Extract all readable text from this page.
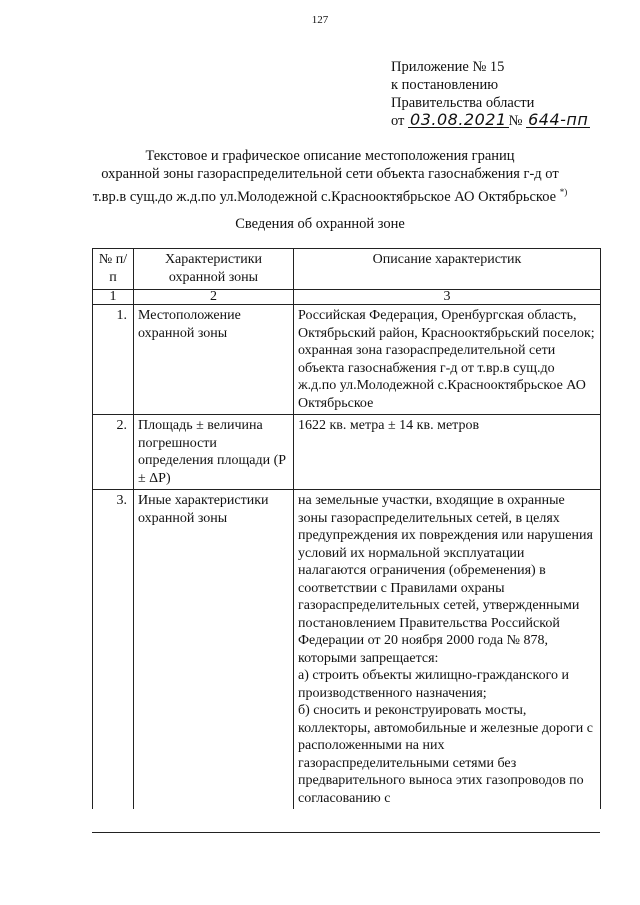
127
Приложение № 15
к постановлению
Правительства области
от 03.08.2021 № 644-пп
Текстовое и графическое описание местоположения границ
охранной зоны газораспределительной сети объекта газоснабжения г-д от
т.вр.в сущ.до ж.д.по ул.Молодежной с.Краснооктябрьское АО Октябрьское *)
Сведения об охранной зоне
№ п/п	Характеристики охранной зоны	Описание характеристик
1	2	3
1.	Местоположение охранной зоны	Российская Федерация, Оренбургская область, Октябрьский район, Краснооктябрьский поселок; охранная зона газораспределительной сети объекта газоснабжения г-д от т.вр.в сущ.до ж.д.по ул.Молодежной с.Краснооктябрьское АО Октябрьское
2.	Площадь ± величина погрешности определения площади (P ± ΔP)	1622 кв. метра ± 14 кв. метров
3.	Иные характеристики охранной зоны	на земельные участки, входящие в охранные зоны газораспределительных сетей, в целях предупреждения их повреждения или нарушения условий их нормальной эксплуатации налагаются ограничения (обременения) в соответствии с Правилами охраны газораспределительных сетей, утвержденными постановлением Правительства Российской Федерации от 20 ноября 2000 года № 878, которыми запрещается:
а) строить объекты жилищно-гражданского и производственного назначения;
б) сносить и реконструировать мосты, коллекторы, автомобильные и железные дороги с расположенными на них газораспределительными сетями без предварительного выноса этих газопроводов по согласованию с
